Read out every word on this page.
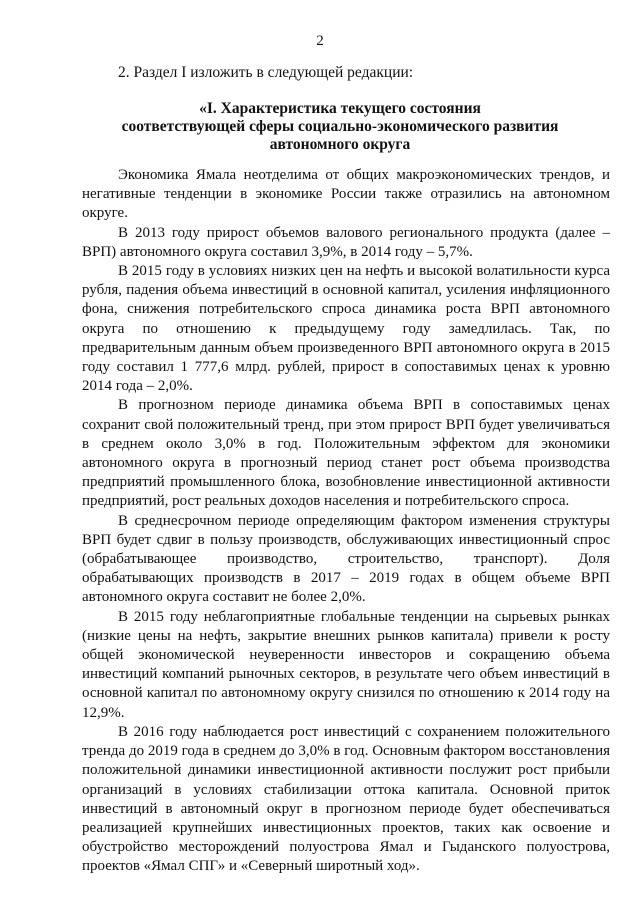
2
2. Раздел I изложить в следующей редакции:
«I. Характеристика текущего состояния
соответствующей сферы социально-экономического развития
автономного округа

Экономика Ямала неотделима от общих макроэкономических трендов, и негативные тенденции в экономике России также отразились на автономном округе.

В 2013 году прирост объемов валового регионального продукта (далее – ВРП) автономного округа составил 3,9%, в 2014 году – 5,7%.

В 2015 году в условиях низких цен на нефть и высокой волатильности курса рубля, падения объема инвестиций в основной капитал, усиления инфляционного фона, снижения потребительского спроса динамика роста ВРП автономного округа по отношению к предыдущему году замедлилась. Так, по предварительным данным объем произведенного ВРП автономного округа в 2015 году составил 1 777,6 млрд. рублей, прирост в сопоставимых ценах к уровню 2014 года – 2,0%.

В прогнозном периоде динамика объема ВРП в сопоставимых ценах сохранит свой положительный тренд, при этом прирост ВРП будет увеличиваться в среднем около 3,0% в год. Положительным эффектом для экономики автономного округа в прогнозный период станет рост объема производства предприятий промышленного блока, возобновление инвестиционной активности предприятий, рост реальных доходов населения и потребительского спроса.

В среднесрочном периоде определяющим фактором изменения структуры ВРП будет сдвиг в пользу производств, обслуживающих инвестиционный спрос (обрабатывающее производство, строительство, транспорт). Доля обрабатывающих производств в 2017 – 2019 годах в общем объеме ВРП автономного округа составит не более 2,0%.

В 2015 году неблагоприятные глобальные тенденции на сырьевых рынках (низкие цены на нефть, закрытие внешних рынков капитала) привели к росту общей экономической неуверенности инвесторов и сокращению объема инвестиций компаний рыночных секторов, в результате чего объем инвестиций в основной капитал по автономному округу снизился по отношению к 2014 году на 12,9%.

В 2016 году наблюдается рост инвестиций с сохранением положительного тренда до 2019 года в среднем до 3,0% в год. Основным фактором восстановления положительной динамики инвестиционной активности послужит рост прибыли организаций в условиях стабилизации оттока капитала. Основной приток инвестиций в автономный округ в прогнозном периоде будет обеспечиваться реализацией крупнейших инвестиционных проектов, таких как освоение и обустройство месторождений полуострова Ямал и Гыданского полуострова, проектов «Ямал СПГ» и «Северный широтный ход».
